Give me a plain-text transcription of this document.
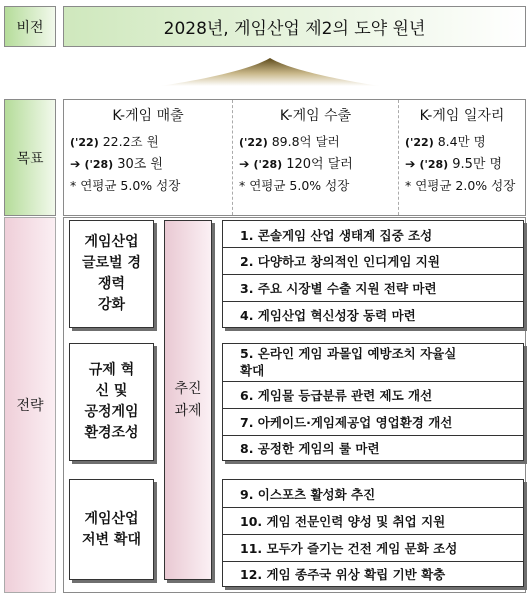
비전	2028년, 게임산업 제2의 도약 원년
목표
K-게임 매출
('22) 22.2조 원
➔ ('28) 30조 원
* 연평균 5.0% 성장
K-게임 수출
('22) 89.8억 달러
➔ ('28) 120억 달러
* 연평균 5.0% 성장
K-게임 일자리
('22) 8.4만 명
➔ ('28) 9.5만 명
* 연평균 2.0% 성장
전략
게임산업
글로벌 경
쟁력
강화
규제 혁
신 및
공정게임
환경조성
게임산업
저변 확대
추진
과제
1. 콘솔게임 산업 생태계 집중 조성
2. 다양하고 창의적인 인디게임 지원
3. 주요 시장별 수출 지원 전략 마련
4. 게임산업 혁신성장 동력 마련
5. 온라인 게임 과몰입 예방조치 자율실
확대
6. 게임물 등급분류 관련 제도 개선
7. 아케이드·게임제공업 영업환경 개선
8. 공정한 게임의 룰 마련
9. 이스포츠 활성화 추진
10. 게임 전문인력 양성 및 취업 지원
11. 모두가 즐기는 건전 게임 문화 조성
12. 게임 종주국 위상 확립 기반 확충
